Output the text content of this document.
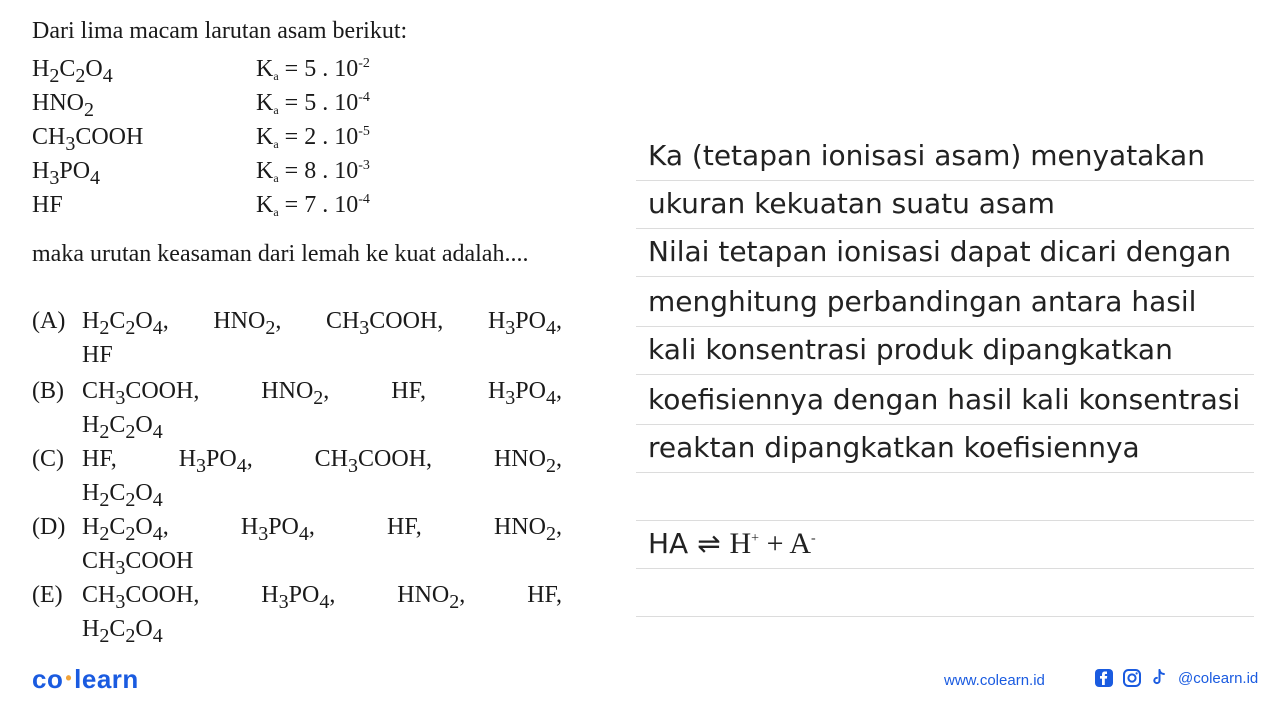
Dari lima macam larutan asam berikut:
$H_2C_2O_4$	Ka = 5 . $10^{-2}$
$HNO_2$	Ka = 5 . $10^{-4}$
$CH_3COOH$	Ka = 2 . $10^{-5}$
$H_3PO_4$	Ka = 8 . $10^{-3}$
HF	Ka = 7 . $10^{-4}$
maka urutan keasaman dari lemah ke kuat adalah....
(A) $H_2C_2O_4$, $HNO_2$, $CH_3COOH$, $H_3PO_4$,
HF
(B) $CH_3COOH$,	$HNO_2$,	HF,	$H_3PO_4$,
$H_2C_2O_4$
(C) HF,	$H_3PO_4$,	$CH_3COOH$,	$HNO_2$,
$H_2C_2O_4$
(D) $H_2C_2O_4$,	$H_3PO_4$,	HF,	$HNO_2$,
$CH_3COOH$
(E) $CH_3COOH$,	$H_3PO_4$,	$HNO_2$,	HF,
$H_2C_2O_4$
Ka (tetapan ionisasi asam) menyatakan
ukuran kekuatan suatu asam
Nilai tetapan ionisasi dapat dicari dengan
menghitung perbandingan antara hasil
kali konsentrasi produk dipangkatkan
koefisiennya dengan hasil kali konsentrasi
reaktan dipangkatkan koefisiennya
HA ⇌ H+ + A-
co •learn	www.colearn.id	@colearn.id
